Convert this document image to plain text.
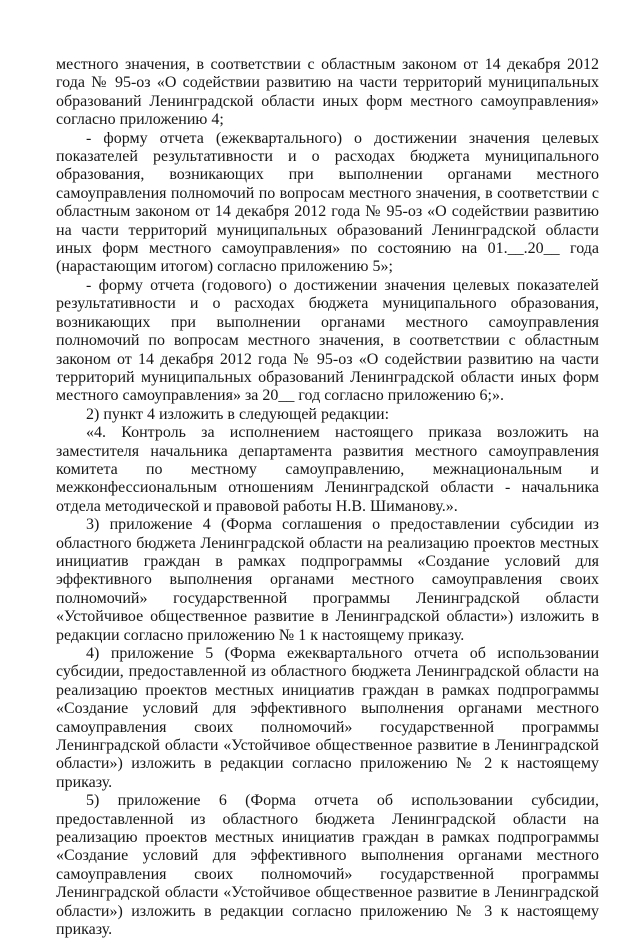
местного значения, в соответствии с областным законом от 14 декабря 2012 года № 95-оз «О содействии развитию на части территорий муниципальных образований Ленинградской области иных форм местного самоуправления» согласно приложению 4;

- форму отчета (ежеквартального) о достижении значения целевых показателей результативности и о расходах бюджета муниципального образования, возникающих при выполнении органами местного самоуправления полномочий по вопросам местного значения, в соответствии с областным законом от 14 декабря 2012 года № 95-оз «О содействии развитию на части территорий муниципальных образований Ленинградской области иных форм местного самоуправления» по состоянию на 01.__.20__ года (нарастающим итогом) согласно приложению 5»;

- форму отчета (годового) о достижении значения целевых показателей результативности и о расходах бюджета муниципального образования, возникающих при выполнении органами местного самоуправления полномочий по вопросам местного значения, в соответствии с областным законом от 14 декабря 2012 года № 95-оз «О содействии развитию на части территорий муниципальных образований Ленинградской области иных форм местного самоуправления» за 20__ год согласно приложению 6;».

2) пункт 4 изложить в следующей редакции:

«4. Контроль за исполнением настоящего приказа возложить на заместителя начальника департамента развития местного самоуправления комитета по местному самоуправлению, межнациональным и межконфессиональным отношениям Ленинградской области - начальника отдела методической и правовой работы Н.В. Шиманову.».

3) приложение 4 (Форма соглашения о предоставлении субсидии из областного бюджета Ленинградской области на реализацию проектов местных инициатив граждан в рамках подпрограммы «Создание условий для эффективного выполнения органами местного самоуправления своих полномочий» государственной программы Ленинградской области «Устойчивое общественное развитие в Ленинградской области») изложить в редакции согласно приложению № 1 к настоящему приказу.

4) приложение 5 (Форма ежеквартального отчета об использовании субсидии, предоставленной из областного бюджета Ленинградской области на реализацию проектов местных инициатив граждан в рамках подпрограммы «Создание условий для эффективного выполнения органами местного самоуправления своих полномочий» государственной программы Ленинградской области «Устойчивое общественное развитие в Ленинградской области») изложить в редакции согласно приложению № 2 к настоящему приказу.

5) приложение 6 (Форма отчета об использовании субсидии, предоставленной из областного бюджета Ленинградской области на реализацию проектов местных инициатив граждан в рамках подпрограммы «Создание условий для эффективного выполнения органами местного самоуправления своих полномочий» государственной программы Ленинградской области «Устойчивое общественное развитие в Ленинградской области») изложить в редакции согласно приложению № 3 к настоящему приказу.
